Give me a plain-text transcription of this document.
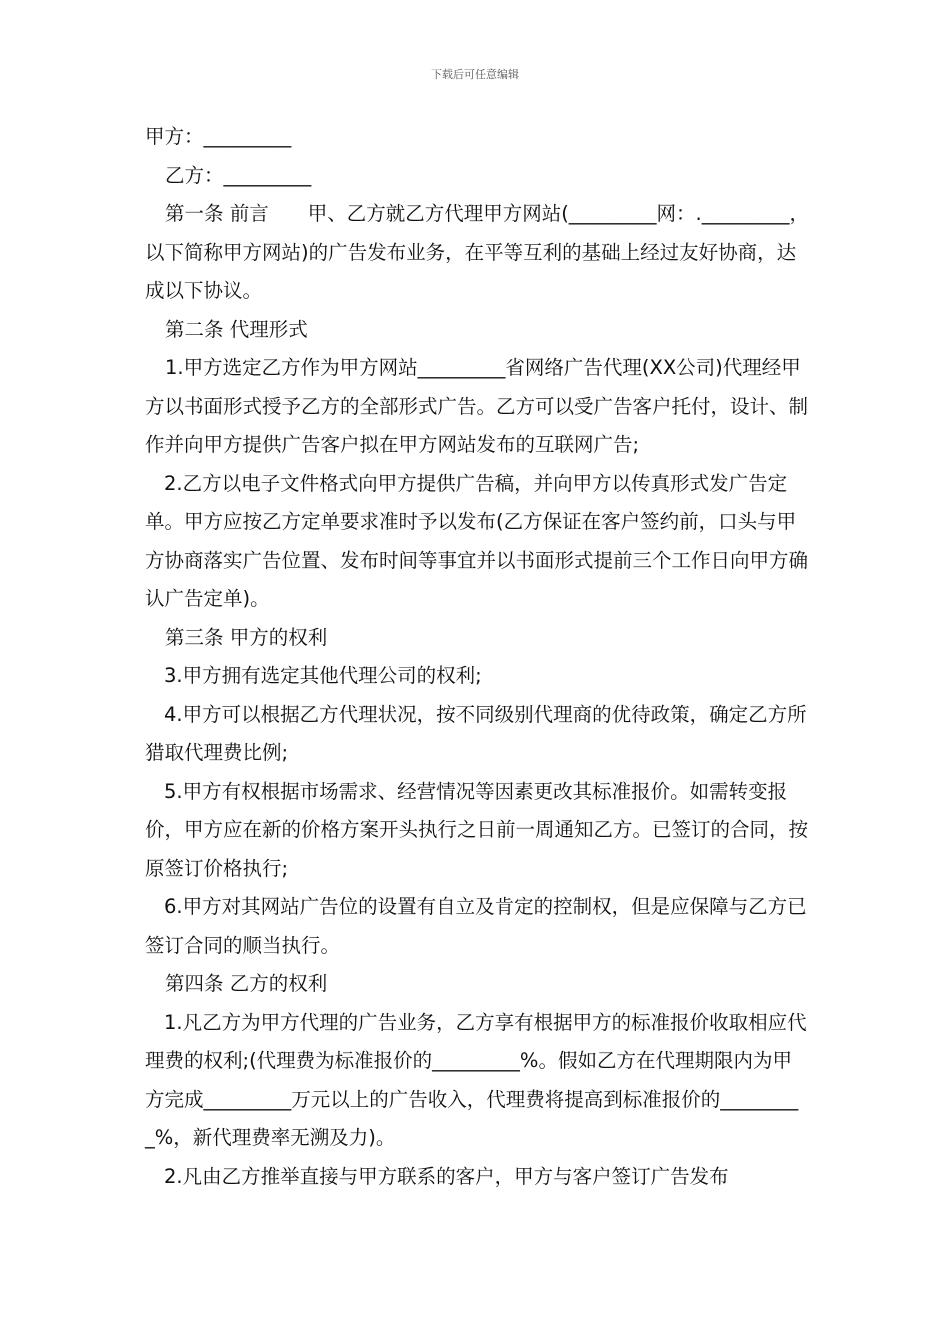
下载后可任意编辑

甲方：_________

乙方：_________

第一条 前言　　甲、乙方就乙方代理甲方网站(_________网：._________，以下简称甲方网站)的广告发布业务，在平等互利的基础上经过友好协商，达成以下协议。

第二条 代理形式

1.甲方选定乙方作为甲方网站_________省网络广告代理(XX公司)代理经甲方以书面形式授予乙方的全部形式广告。乙方可以受广告客户托付，设计、制作并向甲方提供广告客户拟在甲方网站发布的互联网广告;

2.乙方以电子文件格式向甲方提供广告稿，并向甲方以传真形式发广告定单。甲方应按乙方定单要求准时予以发布(乙方保证在客户签约前，口头与甲方协商落实广告位置、发布时间等事宜并以书面形式提前三个工作日向甲方确认广告定单)。

第三条 甲方的权利

3.甲方拥有选定其他代理公司的权利;

4.甲方可以根据乙方代理状况，按不同级别代理商的优待政策，确定乙方所猎取代理费比例;

5.甲方有权根据市场需求、经营情况等因素更改其标准报价。如需转变报价，甲方应在新的价格方案开头执行之日前一周通知乙方。已签订的合同，按原签订价格执行;

6.甲方对其网站广告位的设置有自立及肯定的控制权，但是应保障与乙方已签订合同的顺当执行。

第四条 乙方的权利

1.凡乙方为甲方代理的广告业务，乙方享有根据甲方的标准报价收取相应代理费的权利;(代理费为标准报价的_________%。假如乙方在代理期限内为甲方完成_________万元以上的广告收入，代理费将提高到标准报价的_________%，新代理费率无溯及力)。

2.凡由乙方推举直接与甲方联系的客户，甲方与客户签订广告发布
